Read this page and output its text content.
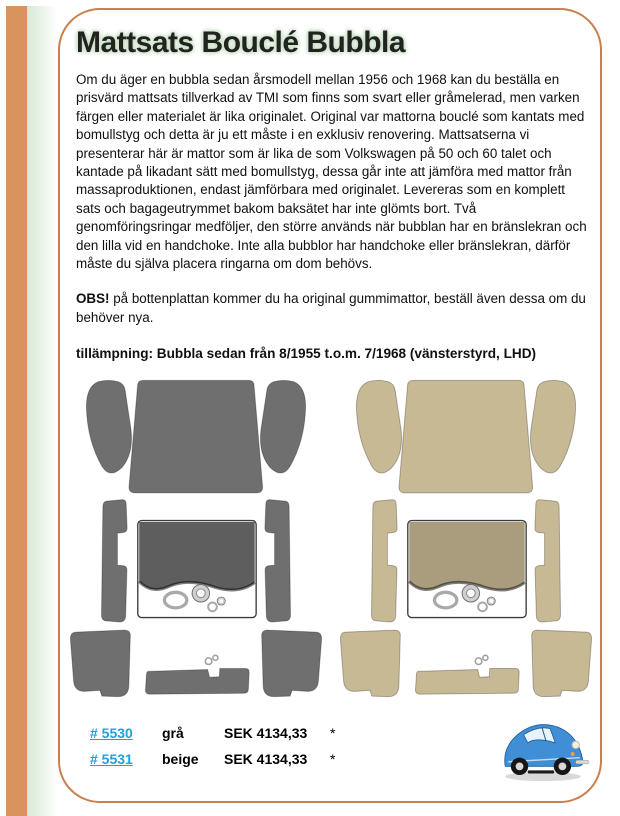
Mattsats Bouclé Bubbla

Om du äger en bubbla sedan årsmodell mellan 1956 och 1968 kan du beställa en prisvärd mattsats tillverkad av TMI som finns som svart eller gråmelerad, men varken färgen eller materialet är lika originalet. Original var mattorna bouclé som kantats med bomullstyg och detta är ju ett måste i en exklusiv renovering. Mattsatserna vi presenterar här är mattor som är lika de som Volkswagen på 50 och 60 talet och kantade på likadant sätt med bomullstyg, dessa går inte att jämföra med mattor från massaproduktionen, endast jämförbara med originalet. Levereras som en komplett sats och bagageutrymmet bakom baksätet har inte glömts bort. Två genomföringsringar medföljer, den större används när bubblan har en bränslekran och den lilla vid en handchoke. Inte alla bubblor har handchoke eller bränslekran, därför måste du själva placera ringarna om dom behövs.

OBS! på bottenplattan kommer du ha original gummimattor, beställ även dessa om du behöver nya.

tillämpning: Bubbla sedan från 8/1955 t.o.m. 7/1968 (vänsterstyrd, LHD)

# 5530	grå	SEK 4134,33	*
# 5531	beige	SEK 4134,33	*
